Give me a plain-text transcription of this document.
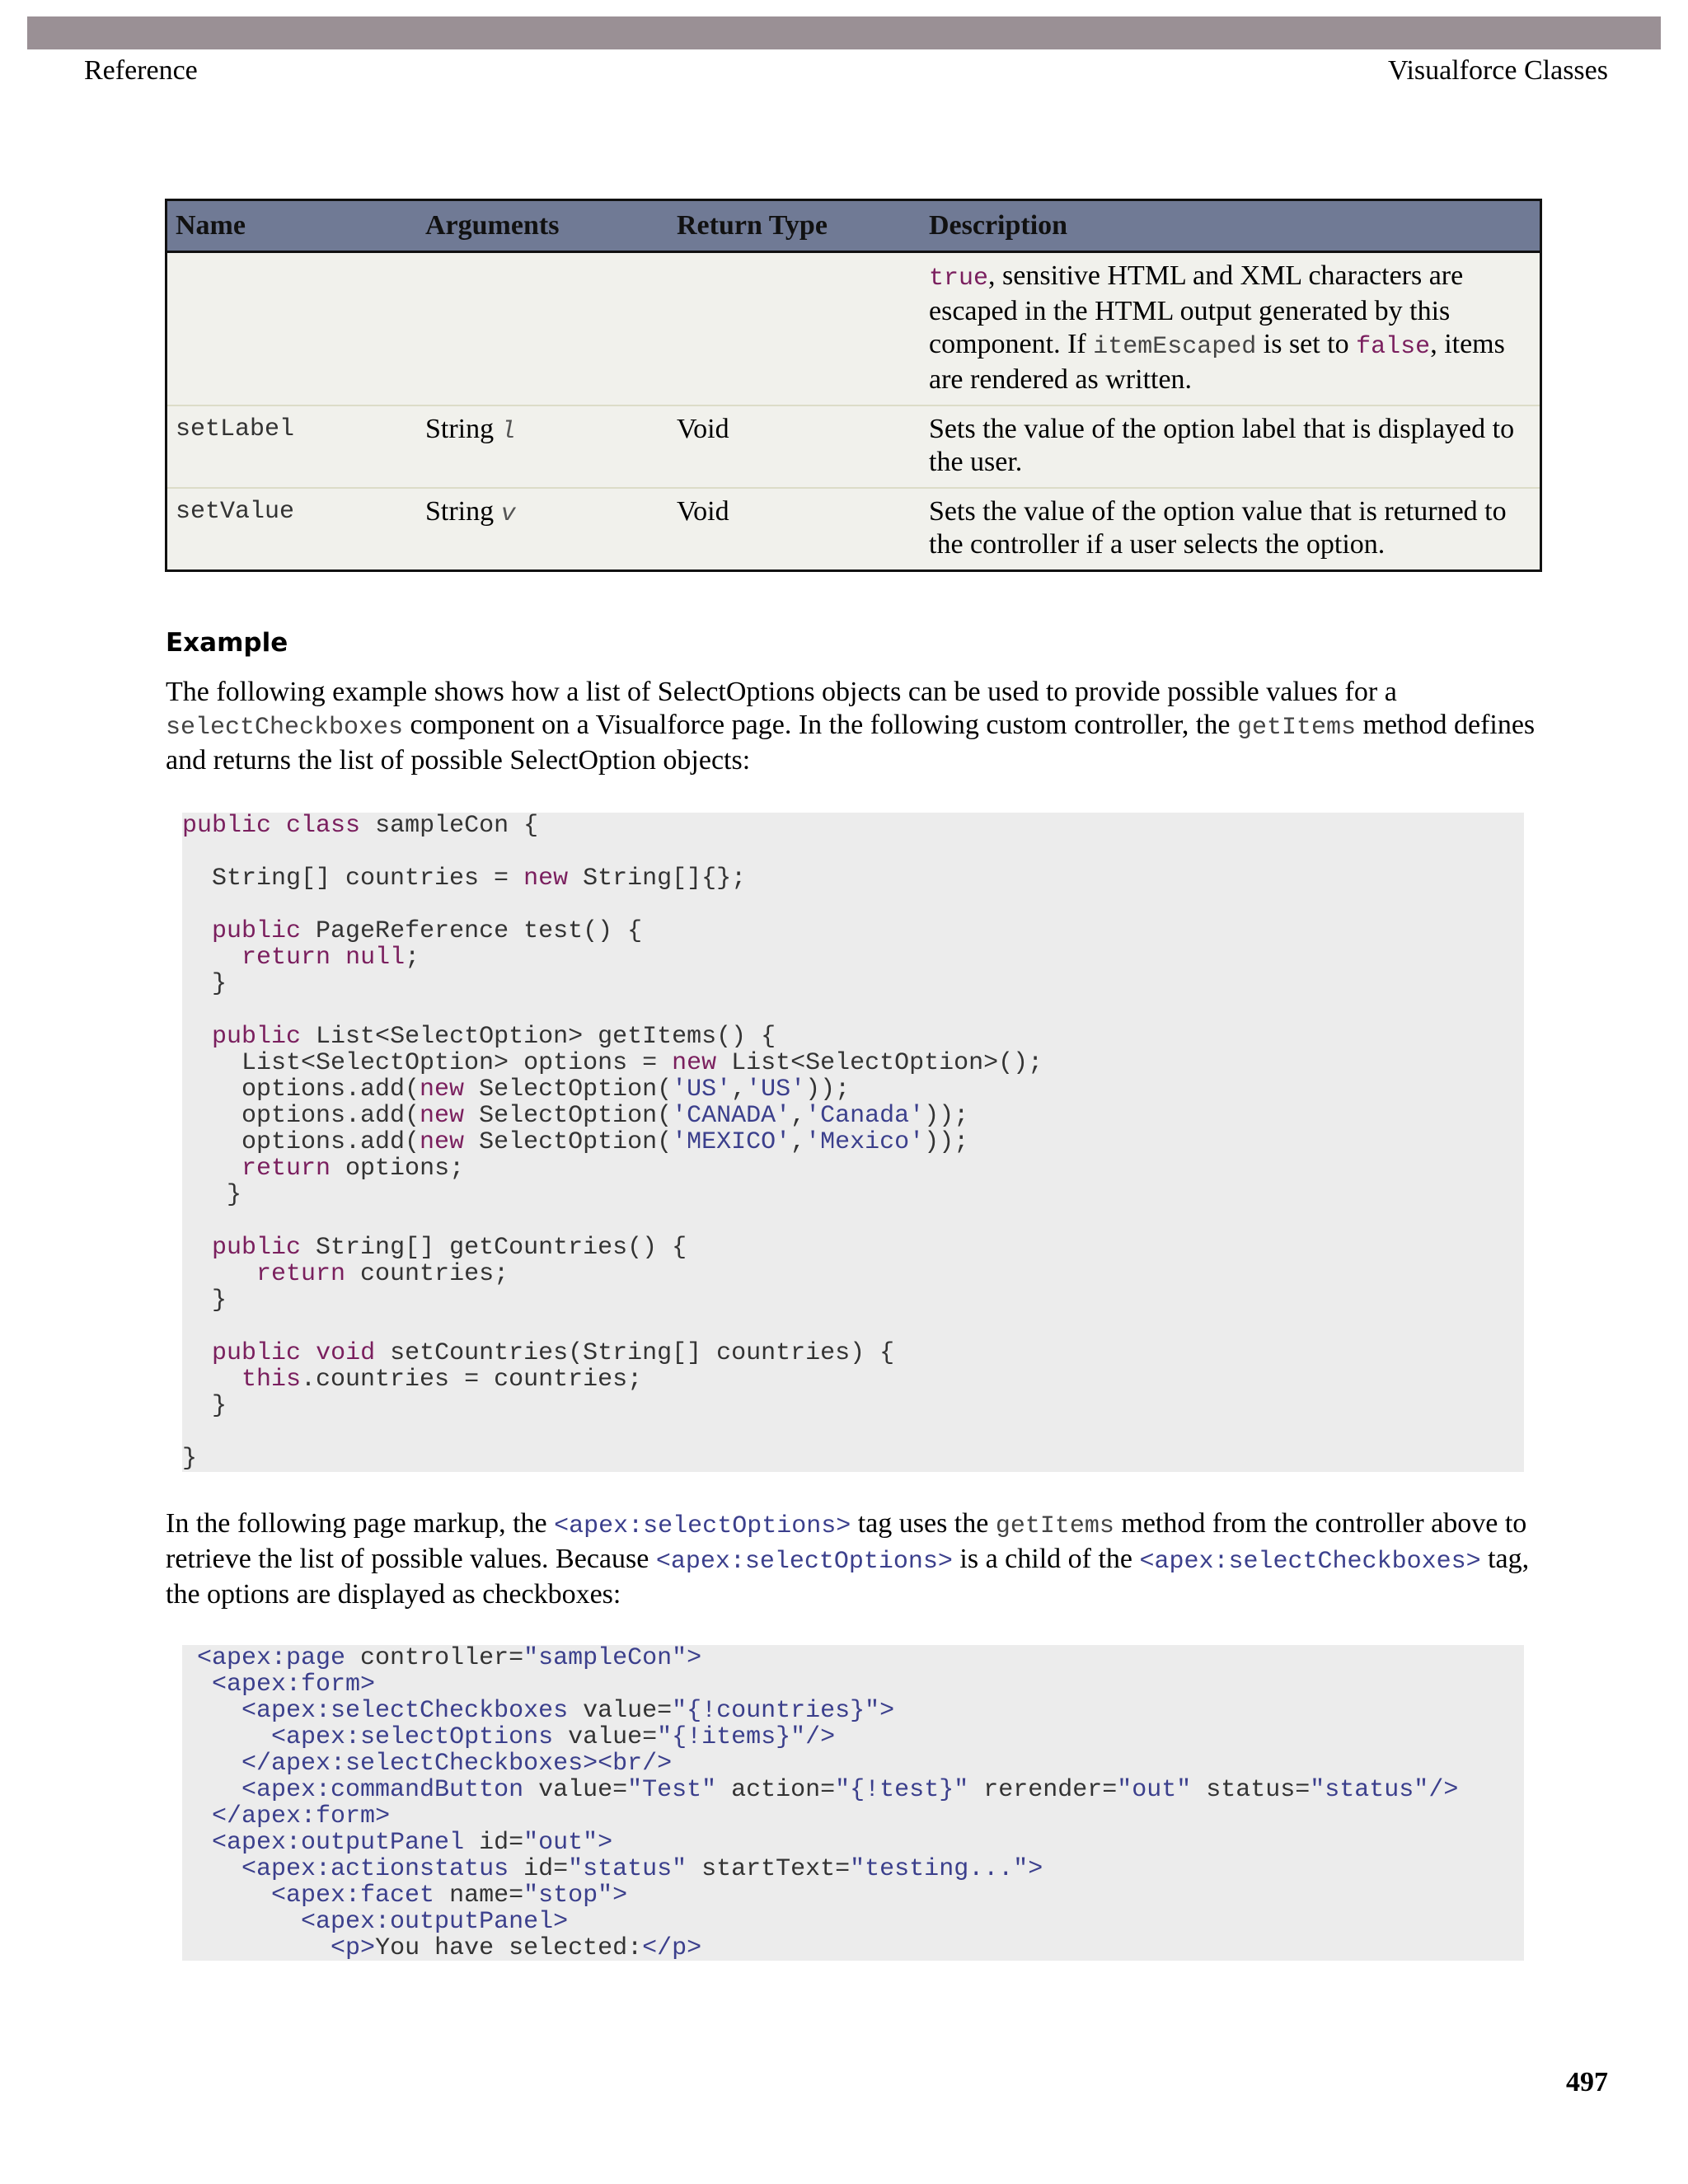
Reference	Visualforce Classes
Name	Arguments	Return Type	Description
			true, sensitive HTML and XML characters are escaped in the HTML output generated by this component. If itemEscaped is set to false, items are rendered as written.
setLabel	String l	Void	Sets the value of the option label that is displayed to the user.
setValue	String v	Void	Sets the value of the option value that is returned to the controller if a user selects the option.
Example
The following example shows how a list of SelectOptions objects can be used to provide possible values for a selectCheckboxes component on a Visualforce page. In the following custom controller, the getItems method defines and returns the list of possible SelectOption objects:
public class sampleCon {

String[] countries = new String[]{};

public PageReference test() {
return null;
}

public List<SelectOption> getItems() {
List<SelectOption> options = new List<SelectOption>();
options.add(new SelectOption('US','US'));
options.add(new SelectOption('CANADA','Canada'));
options.add(new SelectOption('MEXICO','Mexico'));
return options;
}

public String[] getCountries() {
return countries;
}

public void setCountries(String[] countries) {
this.countries = countries;
}

}
In the following page markup, the <apex:selectOptions> tag uses the getItems method from the controller above to retrieve the list of possible values. Because <apex:selectOptions> is a child of the <apex:selectCheckboxes> tag, the options are displayed as checkboxes:
<apex:page controller="sampleCon">
<apex:form>
<apex:selectCheckboxes value="{!countries}">
<apex:selectOptions value="{!items}"/>
</apex:selectCheckboxes><br/>
<apex:commandButton value="Test" action="{!test}" rerender="out" status="status"/>
</apex:form>
<apex:outputPanel id="out">
<apex:actionstatus id="status" startText="testing...">
<apex:facet name="stop">
<apex:outputPanel>
<p>You have selected:</p>
497
